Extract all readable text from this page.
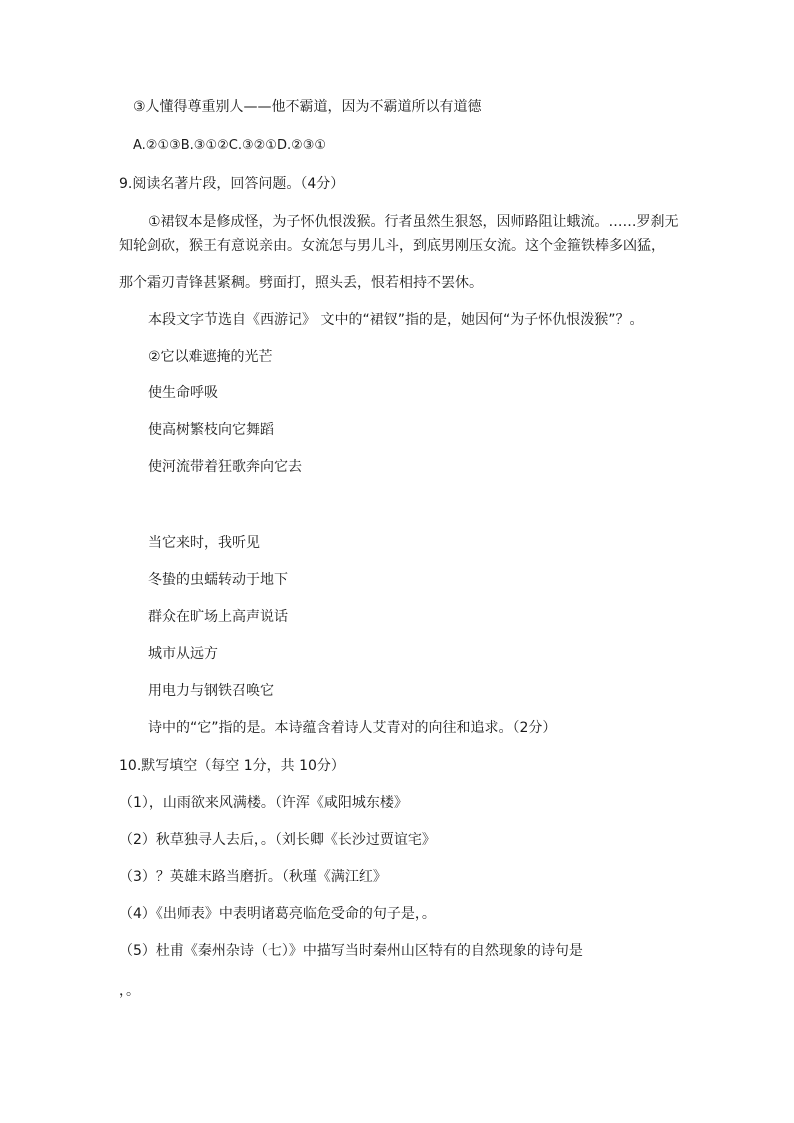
③人懂得尊重别人——他不霸道，因为不霸道所以有道德
A.②①③B.③①②C.③②①D.②③①
9.阅读名著片段，回答问题。（4分）
①裙钗本是修成怪，为子怀仇恨泼猴。行者虽然生狠怒，因师路阻让蛾流。……罗刹无
知轮剑砍，猴王有意说亲由。女流怎与男儿斗，到底男刚压女流。这个金箍铁棒多凶猛，
那个霜刃青锋甚紧稠。劈面打，照头丢，恨若相持不罢休。
本段文字节选自《西游记》 文中的“裙钗”指的是，她因何“为子怀仇恨泼猴”？。
②它以难遮掩的光芒
使生命呼吸
使高树繁枝向它舞蹈
使河流带着狂歌奔向它去
当它来时，我听见
冬蛰的虫蠕转动于地下
群众在旷场上高声说话
城市从远方
用电力与钢铁召唤它
诗中的“它”指的是。本诗蕴含着诗人艾青对的向往和追求。（2分）
10.默写填空（每空 1分，共 10分）
（1），山雨欲来风满楼。（许浑《咸阳城东楼》
（2）秋草独寻人去后，。（刘长卿《长沙过贾谊宅》
（3）？英雄末路当磨折。（秋瑾《满江红》
（4）《出师表》中表明诸葛亮临危受命的句子是，。
（5）杜甫《秦州杂诗（七）》中描写当时秦州山区特有的自然现象的诗句是
，。
